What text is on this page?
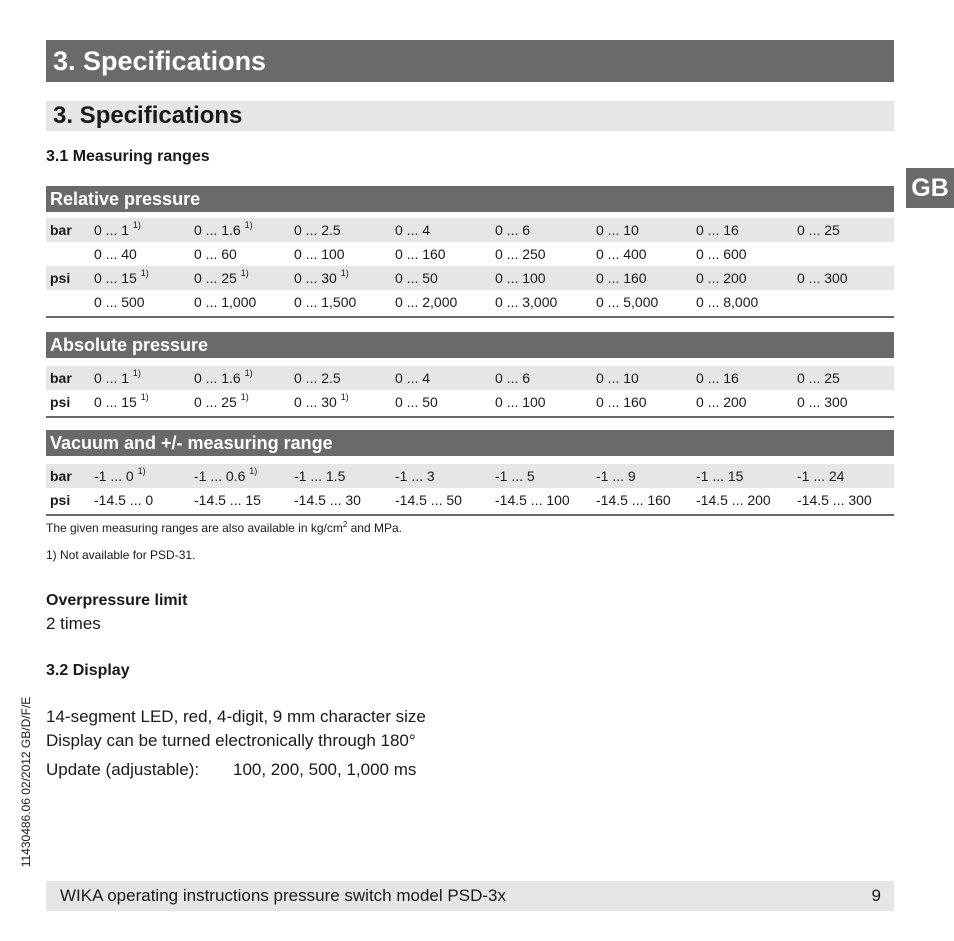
3. Specifications
3. Specifications
GB
3.1 Measuring ranges
Relative pressure
bar 0 ... 1 $^{1)}$	0 ... 1.6 $^{1)}$	0 ... 2.5	0 ... 4	0 ... 6	0 ... 10	0 ... 16	0 ... 25
0 ... 40	0 ... 60	0 ... 100	0 ... 160	0 ... 250	0 ... 400	0 ... 600
psi 0 ... 15 $^{1)}$	0 ... 25 $^{1)}$	0 ... 30 $^{1)}$	0 ... 50	0 ... 100	0 ... 160	0 ... 200	0 ... 300
0 ... 500	0 ... 1,000	0 ... 1,500	0 ... 2,000	0 ... 3,000	0 ... 5,000	0 ... 8,000
Absolute pressure
bar 0 ... 1 $^{1)}$	0 ... 1.6 $^{1)}$	0 ... 2.5	0 ... 4	0 ... 6	0 ... 10	0 ... 16	0 ... 25
psi 0 ... 15 $^{1)}$	0 ... 25 $^{1)}$	0 ... 30 $^{1)}$	0 ... 50	0 ... 100	0 ... 160	0 ... 200	0 ... 300
Vacuum and +/- measuring range
bar -1 ... 0 $^{1)}$	-1 ... 0.6 $^{1)}$	-1 ... 1.5	-1 ... 3	-1 ... 5	-1 ... 9	-1 ... 15	-1 ... 24
psi -14.5 ... 0	-14.5 ... 15 -14.5 ... 30 -14.5 ... 50 -14.5 ... 100 -14.5 ... 160 -14.5 ... 200 -14.5 ... 300
The given measuring ranges are also available in $kg/cm^2$ and MPa.
1) Not available for PSD-31.
Overpressure limit
2 times
3.2 Display
14-segment LED, red, 4-digit, 9 mm character size
Display can be turned electronically through 180°
Update (adjustable): 100, 200, 500, 1,000 ms
11430486.06 02/2012 GB/D/F/E
WIKA operating instructions pressure switch model PSD-3x	9
